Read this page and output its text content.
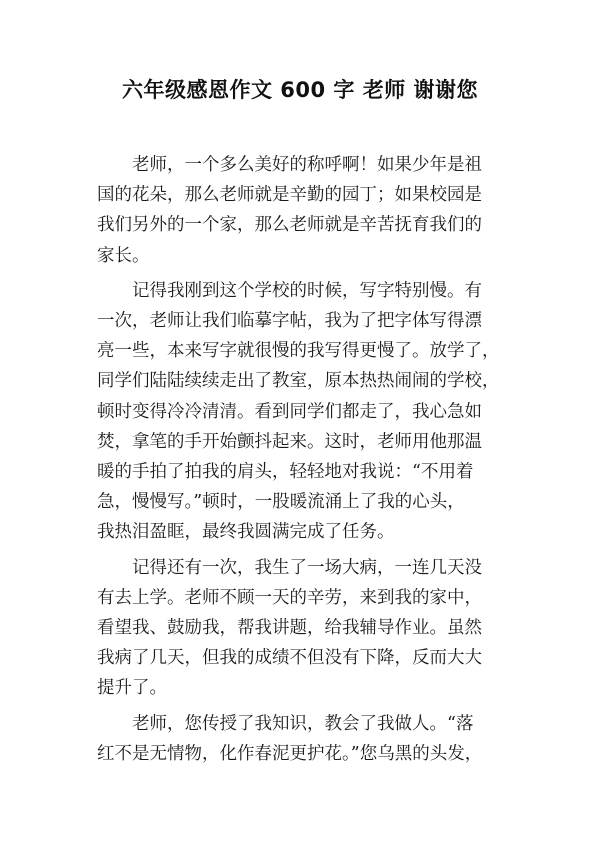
六年级感恩作文 600 字 老师 谢谢您
老师，一个多么美好的称呼啊！如果少年是祖
国的花朵，那么老师就是辛勤的园丁；如果校园是
我们另外的一个家，那么老师就是辛苦抚育我们的
家长。
记得我刚到这个学校的时候，写字特别慢。有
一次，老师让我们临摹字帖，我为了把字体写得漂
亮一些，本来写字就很慢的我写得更慢了。放学了，
同学们陆陆续续走出了教室，原本热热闹闹的学校，
顿时变得冷冷清清。看到同学们都走了，我心急如
焚，拿笔的手开始颤抖起来。这时，老师用他那温
暖的手拍了拍我的肩头，轻轻地对我说：“不用着
急，慢慢写。”顿时，一股暖流涌上了我的心头，
我热泪盈眶，最终我圆满完成了任务。
记得还有一次，我生了一场大病，一连几天没
有去上学。老师不顾一天的辛劳，来到我的家中，
看望我、鼓励我，帮我讲题，给我辅导作业。虽然
我病了几天，但我的成绩不但没有下降，反而大大
提升了。
老师，您传授了我知识，教会了我做人。“落
红不是无情物，化作春泥更护花。”您乌黑的头发，
